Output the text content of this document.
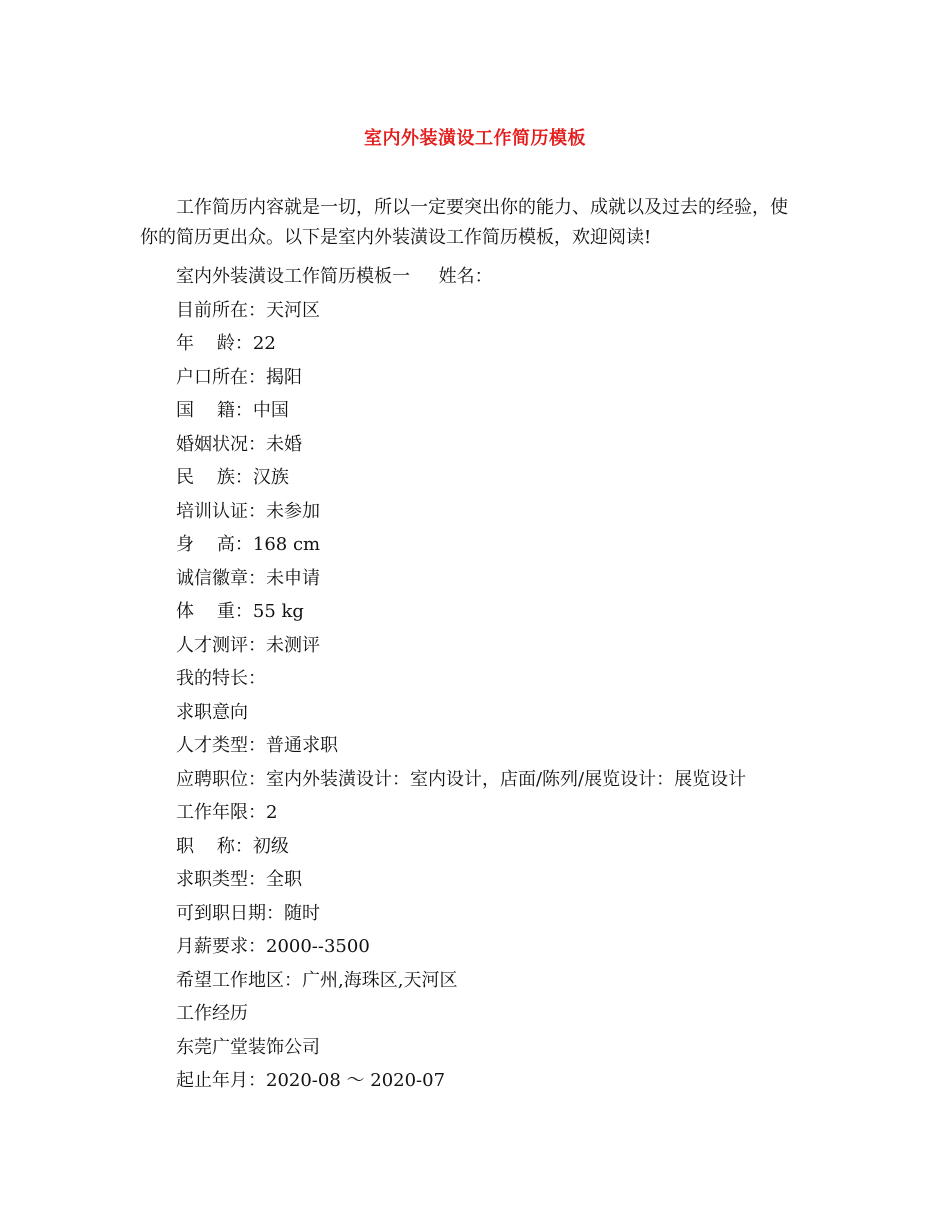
室内外装潢设工作简历模板
工作简历内容就是一切，所以一定要突出你的能力、成就以及过去的经验，使
你的简历更出众。以下是室内外装潢设工作简历模板，欢迎阅读!
室内外装潢设工作简历模板一     姓名：
目前所在：天河区
年    龄：22
户口所在：揭阳
国    籍：中国
婚姻状况：未婚
民    族：汉族
培训认证：未参加
身    高：168 cm
诚信徽章：未申请
体    重：55 kg
人才测评：未测评
我的特长：
求职意向
人才类型：普通求职
应聘职位：室内外装潢设计：室内设计，店面/陈列/展览设计：展览设计
工作年限：2
职    称：初级
求职类型：全职
可到职日期：随时
月薪要求：2000--3500
希望工作地区：广州,海珠区,天河区
工作经历
东莞广堂装饰公司
起止年月：2020-08 ～ 2020-07
